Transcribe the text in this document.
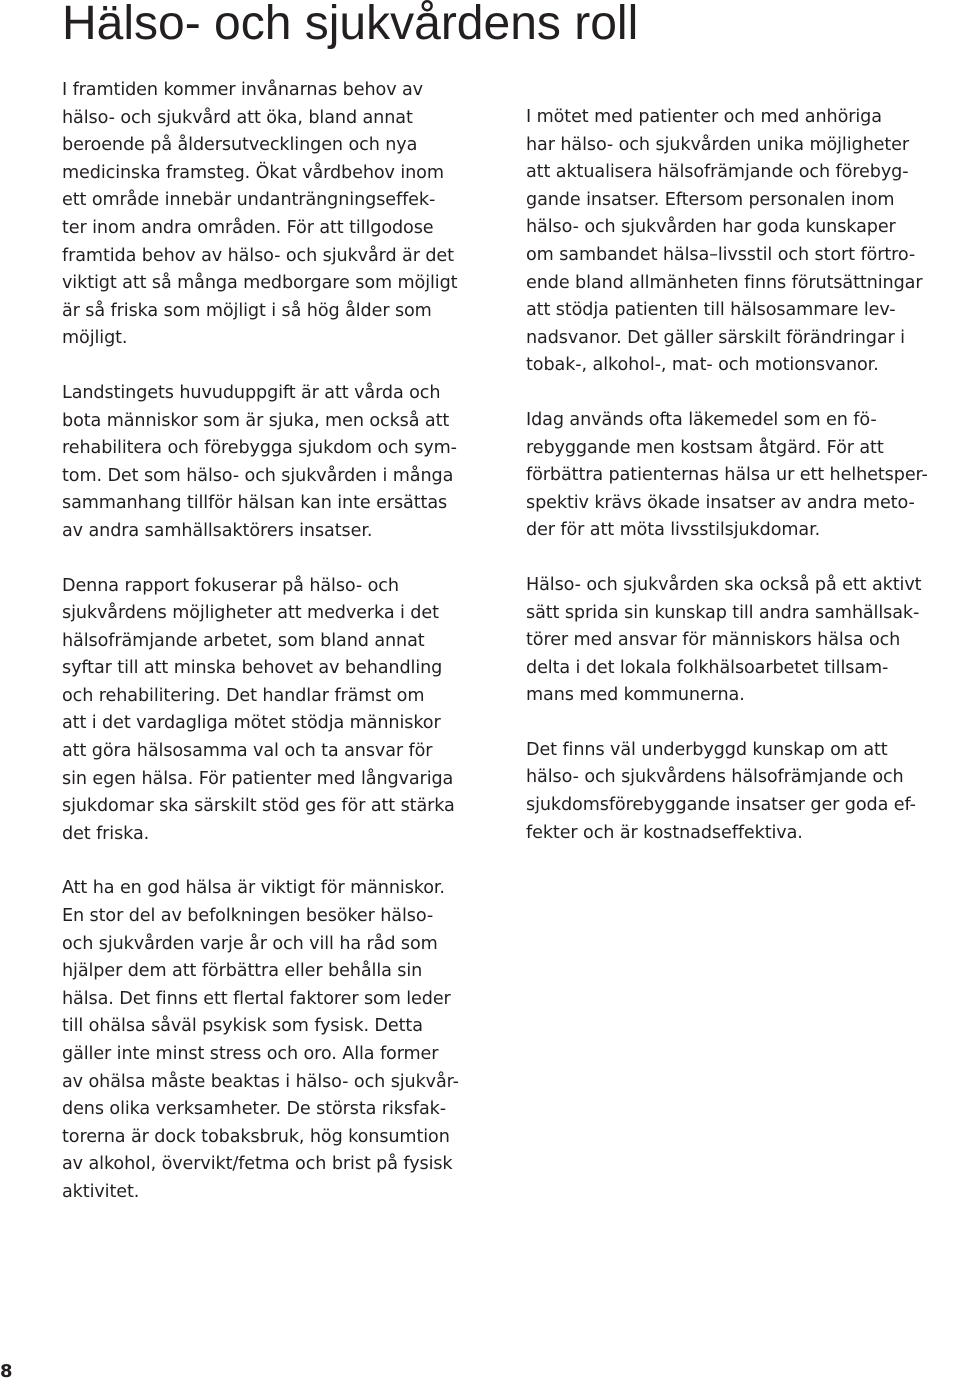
Hälso- och sjukvårdens roll

I framtiden kommer invånarnas behov av
hälso- och sjukvård att öka, bland annat
beroende på åldersutvecklingen och nya
medicinska framsteg. Ökat vårdbehov inom
ett område innebär undanträngningseffek-
ter inom andra områden. För att tillgodose
framtida behov av hälso- och sjukvård är det
viktigt att så många medborgare som möjligt
är så friska som möjligt i så hög ålder som
möjligt.

Landstingets huvuduppgift är att vårda och
bota människor som är sjuka, men också att
rehabilitera och förebygga sjukdom och sym-
tom. Det som hälso- och sjukvården i många
sammanhang tillför hälsan kan inte ersättas
av andra samhällsaktörers insatser.

Denna rapport fokuserar på hälso- och
sjukvårdens möjligheter att medverka i det
hälsofrämjande arbetet, som bland annat
syftar till att minska behovet av behandling
och rehabilitering. Det handlar främst om
att i det vardagliga mötet stödja människor
att göra hälsosamma val och ta ansvar för
sin egen hälsa. För patienter med långvariga
sjukdomar ska särskilt stöd ges för att stärka
det friska.

Att ha en god hälsa är viktigt för människor.
En stor del av befolkningen besöker hälso-
och sjukvården varje år och vill ha råd som
hjälper dem att förbättra eller behålla sin
hälsa. Det finns ett flertal faktorer som leder
till ohälsa såväl psykisk som fysisk. Detta
gäller inte minst stress och oro. Alla former
av ohälsa måste beaktas i hälso- och sjukvår-
dens olika verksamheter. De största riksfak-
torerna är dock tobaksbruk, hög konsumtion
av alkohol, övervikt/fetma och brist på fysisk
aktivitet.

I mötet med patienter och med anhöriga
har hälso- och sjukvården unika möjligheter
att aktualisera hälsofrämjande och förebyg-
gande insatser. Eftersom personalen inom
hälso- och sjukvården har goda kunskaper
om sambandet hälsa–livsstil och stort förtro-
ende bland allmänheten finns förutsättningar
att stödja patienten till hälsosammare lev-
nadsvanor. Det gäller särskilt förändringar i
tobak-, alkohol-, mat- och motionsvanor.

Idag används ofta läkemedel som en fö-
rebyggande men kostsam åtgärd. För att
förbättra patienternas hälsa ur ett helhetsper-
spektiv krävs ökade insatser av andra meto-
der för att möta livsstilsjukdomar.

Hälso- och sjukvården ska också på ett aktivt
sätt sprida sin kunskap till andra samhällsak-
törer med ansvar för människors hälsa och
delta i det lokala folkhälsoarbetet tillsam-
mans med kommunerna.

Det finns väl underbyggd kunskap om att
hälso- och sjukvårdens hälsofrämjande och
sjukdomsförebyggande insatser ger goda ef-
fekter och är kostnadseffektiva.

8
